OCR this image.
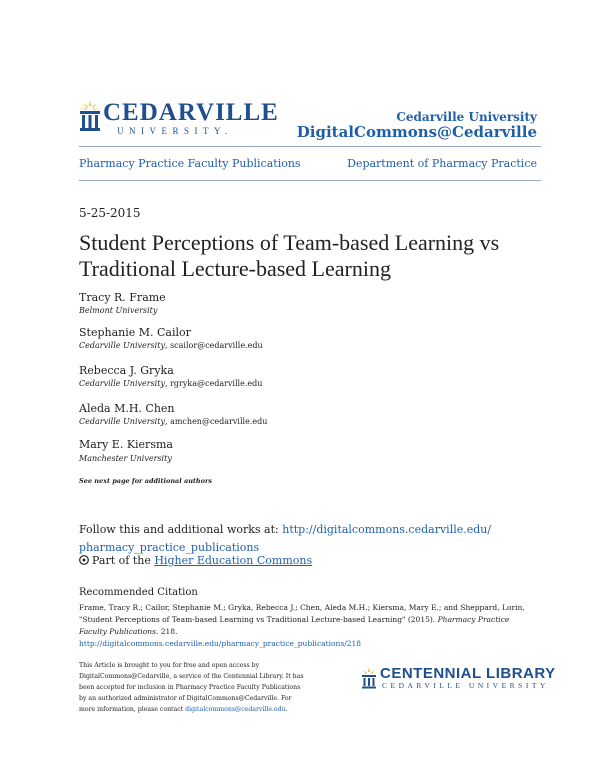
CEDARVILLE
UNIVERSITY.
Cedarville University
DigitalCommons@Cedarville
Pharmacy Practice Faculty Publications	Department of Pharmacy Practice
5-25-2015
Student Perceptions of Team-based Learning vs Traditional Lecture-based Learning
Tracy R. Frame
Belmont University
Stephanie M. Cailor
Cedarville University, scailor@cedarville.edu
Rebecca J. Gryka
Cedarville University, rgryka@cedarville.edu
Aleda M.H. Chen
Cedarville University, amchen@cedarville.edu
Mary E. Kiersma
Manchester University
See next page for additional authors
Follow this and additional works at: http://digitalcommons.cedarville.edu/
pharmacy_practice_publications
Part of the Higher Education Commons
Recommended Citation
Frame, Tracy R.; Cailor, Stephanie M.; Gryka, Rebecca J.; Chen, Aleda M.H.; Kiersma, Mary E.; and Sheppard, Lorin, "Student Perceptions of Team-based Learning vs Traditional Lecture-based Learning" (2015). Pharmacy Practice Faculty Publications. 218.
http://digitalcommons.cedarville.edu/pharmacy_practice_publications/218
This Article is brought to you for free and open access by DigitalCommons@Cedarville, a service of the Centennial Library. It has been accepted for inclusion in Pharmacy Practice Faculty Publications by an authorized administrator of DigitalCommons@Cedarville. For more information, please contact digitalcommons@cedarville.edu.
CENTENNIAL LIBRARY
CEDARVILLE UNIVERSITY
